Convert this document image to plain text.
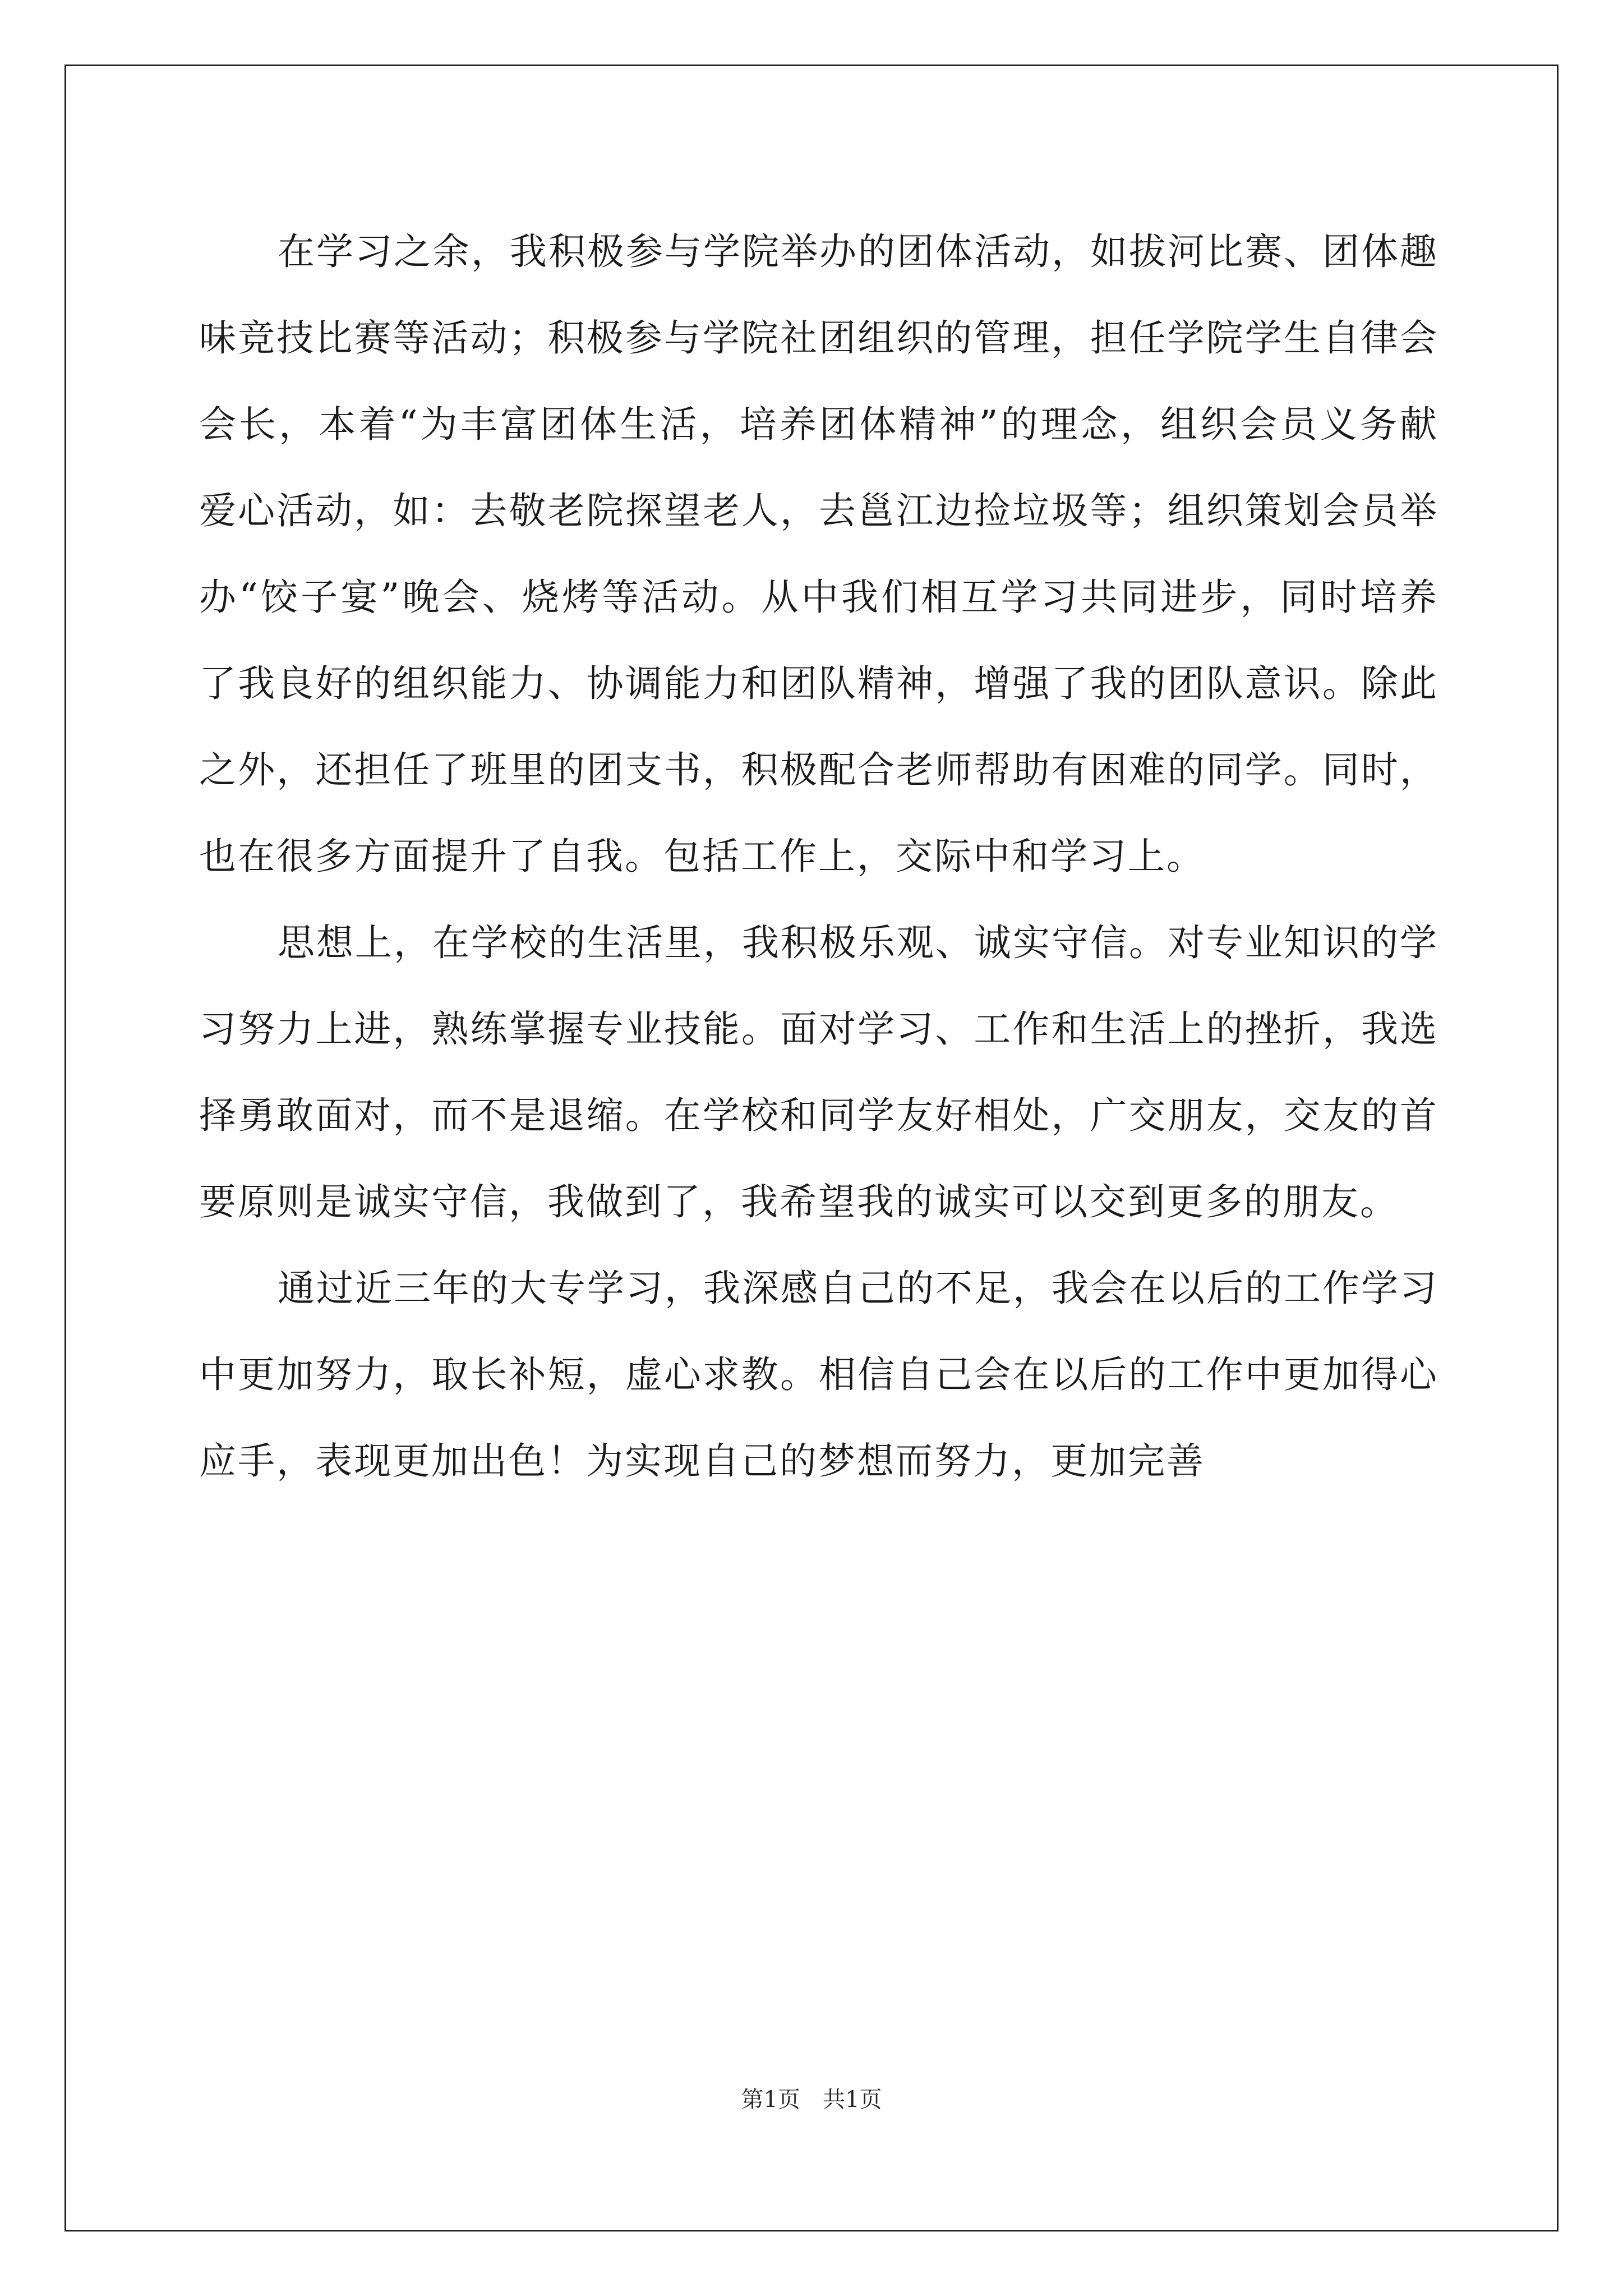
在学习之余，我积极参与学院举办的团体活动，如拔河比赛、团体趣味竞技比赛等活动；积极参与学院社团组织的管理，担任学院学生自律会会长，本着“为丰富团体生活，培养团体精神”的理念，组织会员义务献爱心活动，如：去敬老院探望老人，去邕江边捡垃圾等；组织策划会员举办“饺子宴”晚会、烧烤等活动。从中我们相互学习共同进步，同时培养了我良好的组织能力、协调能力和团队精神，增强了我的团队意识。除此之外，还担任了班里的团支书，积极配合老师帮助有困难的同学。同时，也在很多方面提升了自我。包括工作上，交际中和学习上。

思想上，在学校的生活里，我积极乐观、诚实守信。对专业知识的学习努力上进，熟练掌握专业技能。面对学习、工作和生活上的挫折，我选择勇敢面对，而不是退缩。在学校和同学友好相处，广交朋友，交友的首要原则是诚实守信，我做到了，我希望我的诚实可以交到更多的朋友。

通过近三年的大专学习，我深感自己的不足，我会在以后的工作学习中更加努力，取长补短，虚心求教。相信自己会在以后的工作中更加得心应手，表现更加出色！为实现自己的梦想而努力，更加完善

第1页　共1页
